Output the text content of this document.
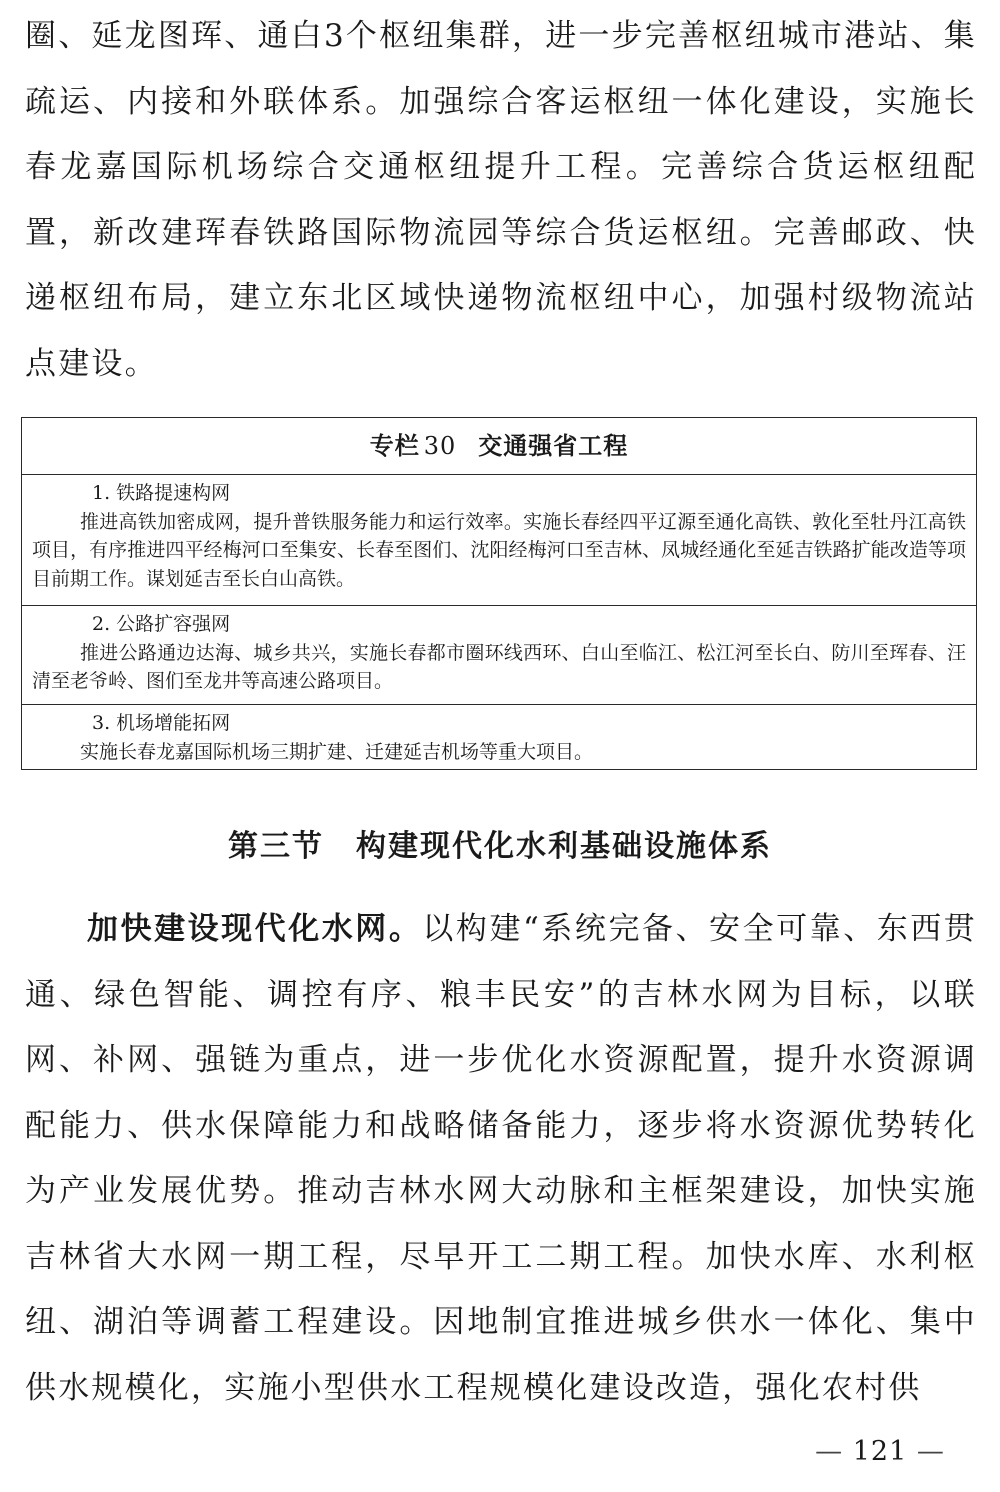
圈、延龙图珲、通白3个枢纽集群，进一步完善枢纽城市港站、集疏运、内接和外联体系。加强综合客运枢纽一体化建设，实施长春龙嘉国际机场综合交通枢纽提升工程。完善综合货运枢纽配置，新改建珲春铁路国际物流园等综合货运枢纽。完善邮政、快递枢纽布局，建立东北区域快递物流枢纽中心，加强村级物流站点建设。

专栏 30 交通强省工程
1. 铁路提速构网
推进高铁加密成网，提升普铁服务能力和运行效率。实施长春经四平辽源至通化高铁、敦化至牡丹江高铁项目，有序推进四平经梅河口至集安、长春至图们、沈阳经梅河口至吉林、凤城经通化至延吉铁路扩能改造等项目前期工作。谋划延吉至长白山高铁。
2. 公路扩容强网
推进公路通边达海、城乡共兴，实施长春都市圈环线西环、白山至临江、松江河至长白、防川至珲春、汪清至老爷岭、图们至龙井等高速公路项目。
3. 机场增能拓网
实施长春龙嘉国际机场三期扩建、迁建延吉机场等重大项目。
第三节 构建现代化水利基础设施体系

加快建设现代化水网。以构建“系统完备、安全可靠、东西贯通、绿色智能、调控有序、粮丰民安”的吉林水网为目标，以联网、补网、强链为重点，进一步优化水资源配置，提升水资源调配能力、供水保障能力和战略储备能力，逐步将水资源优势转化为产业发展优势。推动吉林水网大动脉和主框架建设，加快实施吉林省大水网一期工程，尽早开工二期工程。加快水库、水利枢纽、湖泊等调蓄工程建设。因地制宜推进城乡供水一体化、集中供水规模化，实施小型供水工程规模化建设改造，强化农村供

— 121 —
